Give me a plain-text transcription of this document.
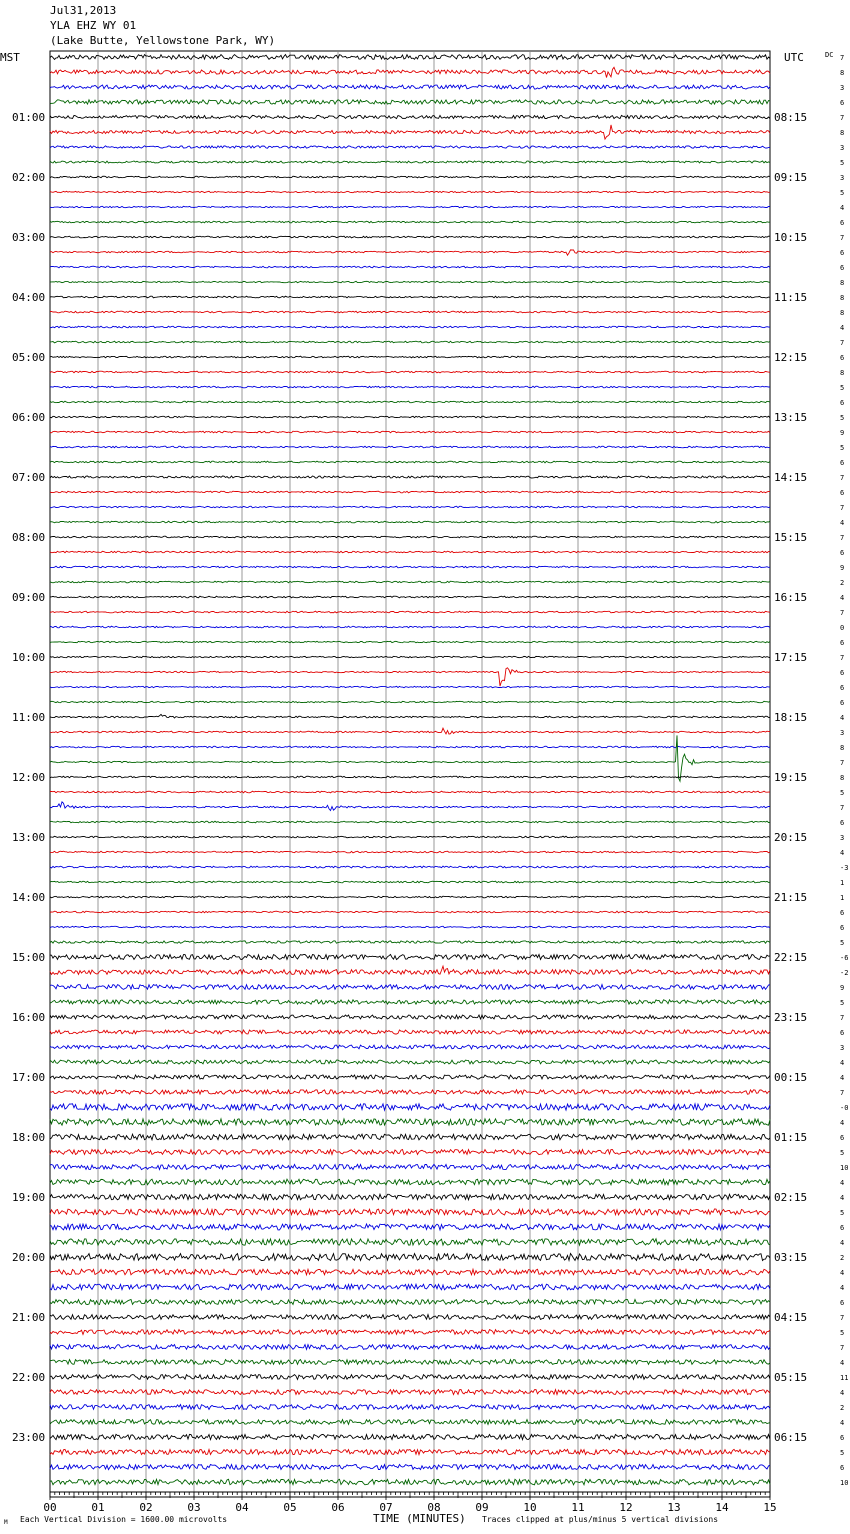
Jul31,2013
YLA EHZ WY 01
(Lake Butte, Yellowstone Park, WY)
MST	UTC	DC 7
8
3
6
7
8
3
5
3
5
4
6
7
6
6
8
8
8
4
7
6
8
5
6
5
9
5
6
7
6
7
4
7
6
9
2
4
7
0
6
7
6
6
6
4
3
8
7
8
5
7
6
3
4
-3
1
1
6
6
5
-6
-2
9
5
7
6
3
4
4
7
-0
4
6
5
10
4
4
5
6
4
2
4
4
6
7
5
7
4
11
4
2
4
6
5
6
10
01:00	08:15
02:00	09:15
03:00	10:15
04:00	11:15
05:00	12:15
06:00	13:15
07:00	14:15
08:00	15:15
09:00	16:15
10:00	17:15
11:00	18:15
12:00	19:15
13:00	20:15
14:00	21:15
15:00	22:15
16:00	23:15
17:00	00:15
18:00	01:15
19:00	02:15
20:00	03:15
21:00	04:15
22:00	05:15
23:00	06:15
00	01	02	03	04	05	06	07	08	09	10	11	12	13	14	15
M Each Vertical Division = 1600.00 microvolts	TIME (MINUTES) Traces clipped at plus/minus 5 vertical divisions
